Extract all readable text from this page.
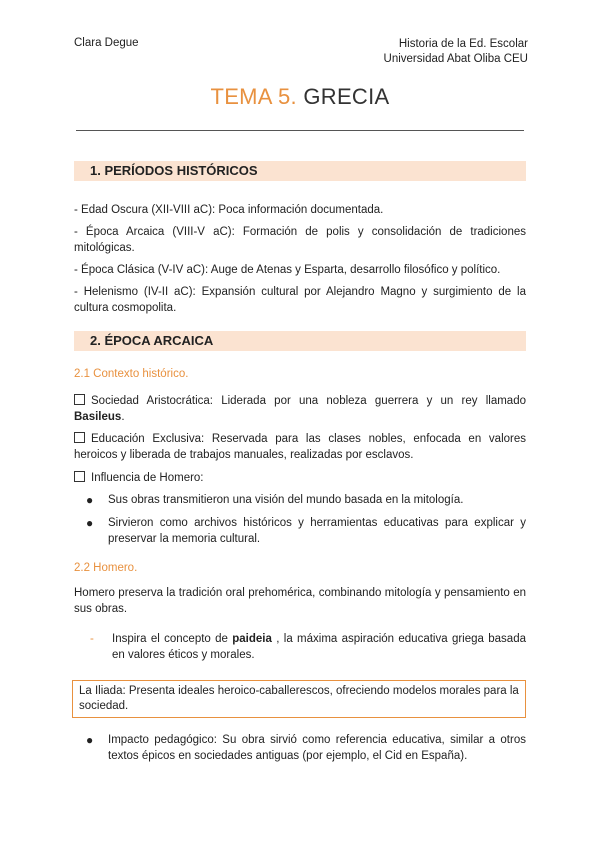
Clara Degue	Historia de la Ed. Escolar
Universidad Abat Oliba CEU
TEMA 5. GRECIA
1. PERÍODOS HISTÓRICOS
- Edad Oscura (XII-VIII aC): Poca información documentada.
- Época Arcaica (VIII-V aC): Formación de polis y consolidación de tradiciones mitológicas.
- Época Clásica (V-IV aC): Auge de Atenas y Esparta, desarrollo filosófico y político.
- Helenismo (IV-II aC): Expansión cultural por Alejandro Magno y surgimiento de la cultura cosmopolita.
2. ÉPOCA ARCAICA
2.1 Contexto histórico.
Sociedad Aristocrática: Liderada por una nobleza guerrera y un rey llamado Basileus.
Educación Exclusiva: Reservada para las clases nobles, enfocada en valores heroicos y liberada de trabajos manuales, realizadas por esclavos.
Influencia de Homero:
●	Sus obras transmitieron una visión del mundo basada en la mitología.
●	Sirvieron como archivos históricos y herramientas educativas para explicar y preservar la memoria cultural.
2.2 Homero.
Homero preserva la tradición oral prehomérica, combinando mitología y pensamiento en sus obras.
-	Inspira el concepto de paideia , la máxima aspiración educativa griega basada en valores éticos y morales.
La Iliada: Presenta ideales heroico-caballerescos, ofreciendo modelos morales para la sociedad.
●	Impacto pedagógico: Su obra sirvió como referencia educativa, similar a otros textos épicos en sociedades antiguas (por ejemplo, el Cid en España).
